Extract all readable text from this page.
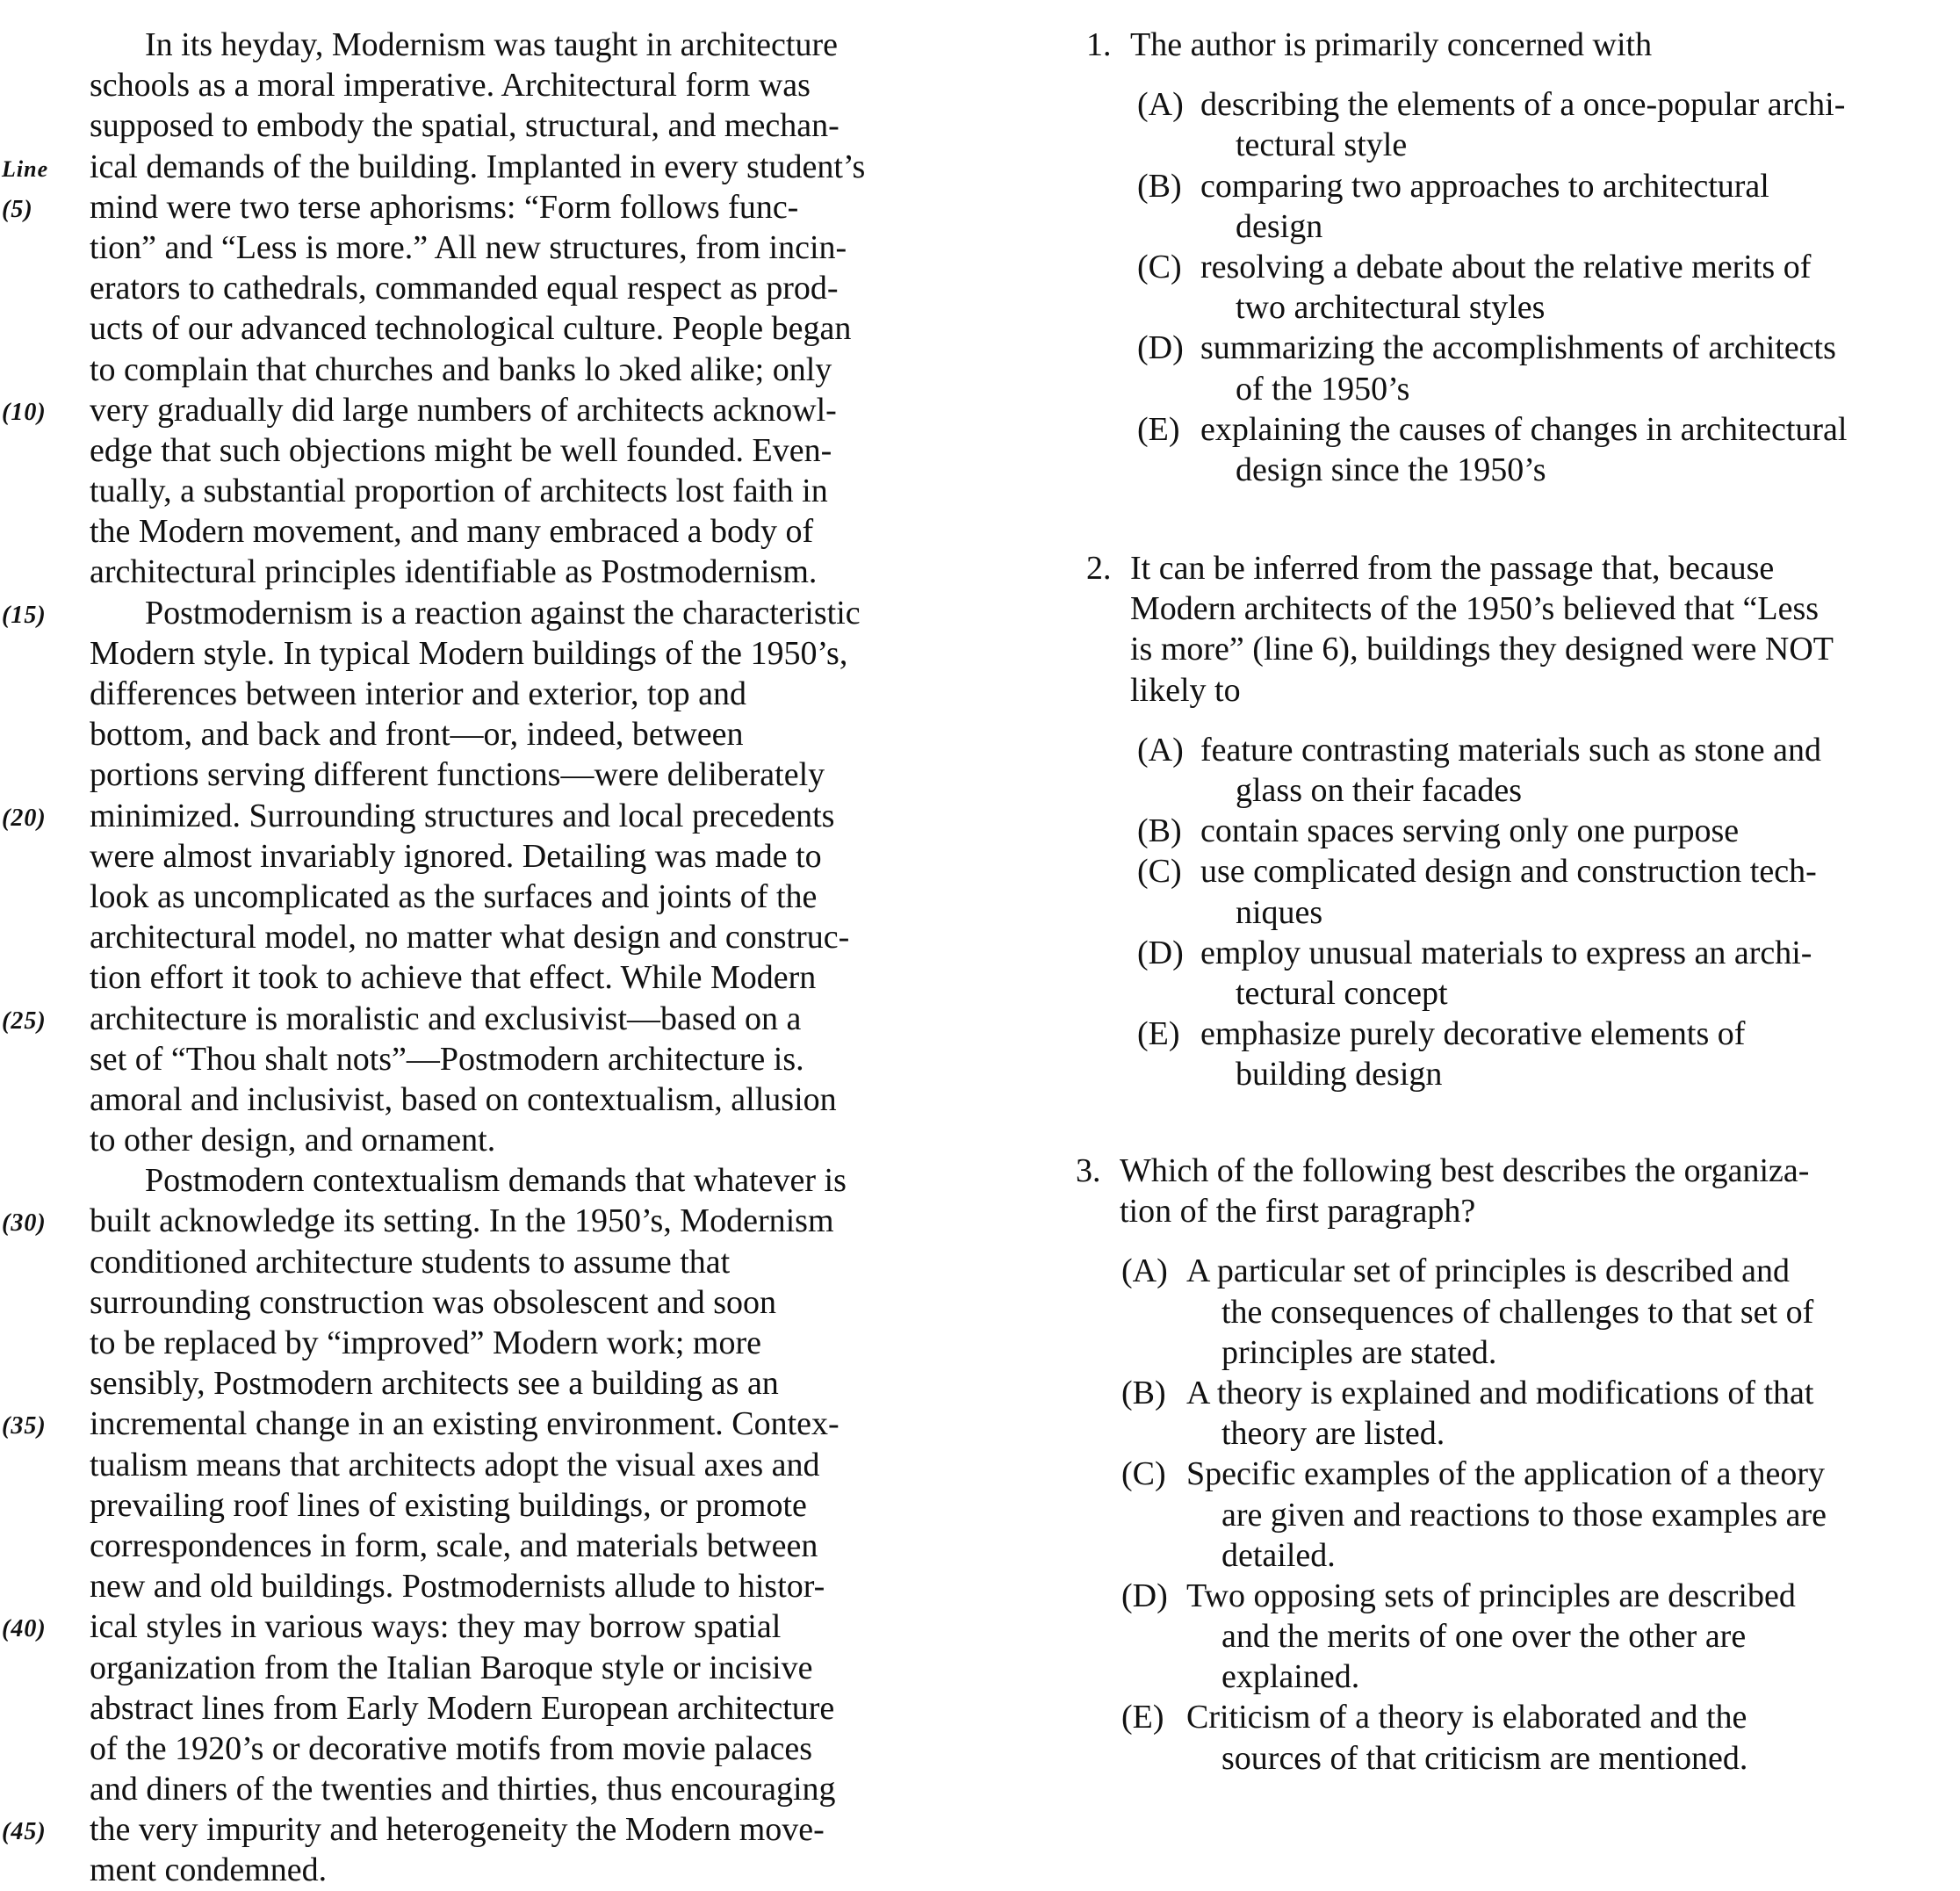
In its heyday, Modernism was taught in architecture
schools as a moral imperative. Architectural form was
supposed to embody the spatial, structural, and mechan-
Line ical demands of the building. Implanted in every student’s
(5) mind were two terse aphorisms: “Form follows func-
tion” and “Less is more.” All new structures, from incin-
erators to cathedrals, commanded equal respect as prod-
ucts of our advanced technological culture. People began
to complain that churches and banks lo ɔked alike; only
(10) very gradually did large numbers of architects acknowl-
edge that such objections might be well founded. Even-
tually, a substantial proportion of architects lost faith in
the Modern movement, and many embraced a body of
architectural principles identifiable as Postmodernism.
(15)	Postmodernism is a reaction against the characteristic
Modern style. In typical Modern buildings of the 1950’s,
differences between interior and exterior, top and
bottom, and back and front—or, indeed, between
portions serving different functions—were deliberately
(20) minimized. Surrounding structures and local precedents
were almost invariably ignored. Detailing was made to
look as uncomplicated as the surfaces and joints of the
architectural model, no matter what design and construc-
tion effort it took to achieve that effect. While Modern
(25) architecture is moralistic and exclusivist—based on a
set of “Thou shalt nots”—Postmodern architecture is.
amoral and inclusivist, based on contextualism, allusion
to other design, and ornament.
Postmodern contextualism demands that whatever is
(30) built acknowledge its setting. In the 1950’s, Modernism
conditioned architecture students to assume that
surrounding construction was obsolescent and soon
to be replaced by “improved” Modern work; more
sensibly, Postmodern architects see a building as an
(35) incremental change in an existing environment. Contex-
tualism means that architects adopt the visual axes and
prevailing roof lines of existing buildings, or promote
correspondences in form, scale, and materials between
new and old buildings. Postmodernists allude to histor-
(40) ical styles in various ways: they may borrow spatial
organization from the Italian Baroque style or incisive
abstract lines from Early Modern European architecture
of the 1920’s or decorative motifs from movie palaces
and diners of the twenties and thirties, thus encouraging
(45) the very impurity and heterogeneity the Modern move-
ment condemned.
1. The author is primarily concerned with
(A) describing the elements of a once-popular archi-
tectural style
(B) comparing two approaches to architectural
design
(C) resolving a debate about the relative merits of
two architectural styles
(D) summarizing the accomplishments of architects
of the 1950’s
(E) explaining the causes of changes in architectural
design since the 1950’s
2. It can be inferred from the passage that, because
Modern architects of the 1950’s believed that “Less
is more” (line 6), buildings they designed were NOT
likely to
(A) feature contrasting materials such as stone and
glass on their facades
(B) contain spaces serving only one purpose
(C) use complicated design and construction tech-
niques
(D) employ unusual materials to express an archi-
tectural concept
(E) emphasize purely decorative elements of
building design
3. Which of the following best describes the organiza-
tion of the first paragraph?
(A) A particular set of principles is described and
the consequences of challenges to that set of
principles are stated.
(B) A theory is explained and modifications of that
theory are listed.
(C) Specific examples of the application of a theory
are given and reactions to those examples are
detailed.
(D) Two opposing sets of principles are described
and the merits of one over the other are
explained.
(E) Criticism of a theory is elaborated and the
sources of that criticism are mentioned.
